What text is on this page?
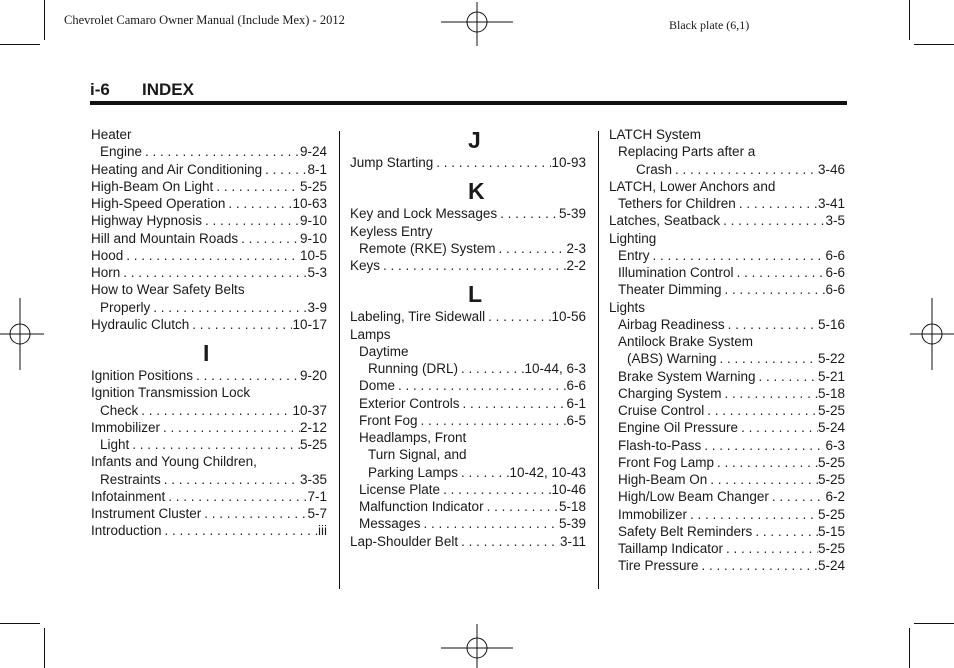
Chevrolet Camaro Owner Manual (Include Mex) - 2012	Black plate (6,1)
i-6 INDEX
Heater
Engine . . .	9-24
Heating and Air Conditioning . . .	8-1
High-Beam On Light . . .	5-25
High-Speed Operation . . .	10-63
Highway Hypnosis . . .	9-10
Hill and Mountain Roads . . .	9-10
Hood . . .	10-5
Horn . . .	5-3
How to Wear Safety Belts
Properly . . .	3-9
Hydraulic Clutch . . .	10-17
I
Ignition Positions . . .	9-20
Ignition Transmission Lock
Check . . .	10-37
Immobilizer . . .	2-12
Light . . .	5-25
Infants and Young Children,
Restraints . . .	3-35
Infotainment . . .	7-1
Instrument Cluster . . .	5-7
Introduction . . .	iii
J
Jump Starting . . .	10-93
K
Key and Lock Messages . . .	5-39
Keyless Entry
Remote (RKE) System . . .	2-3
Keys . . .	2-2
L
Labeling, Tire Sidewall . . .	10-56
Lamps
Daytime
Running (DRL) . . .	10-44, 6-3
Dome . . .	6-6
Exterior Controls . . .	6-1
Front Fog . . .	6-5
Headlamps, Front
Turn Signal, and
Parking Lamps . . .	10-42, 10-43
License Plate . . .	10-46
Malfunction Indicator . . .	5-18
Messages . . .	5-39
Lap-Shoulder Belt . . .	3-11
LATCH System
Replacing Parts after a
Crash . . .	3-46
LATCH, Lower Anchors and
Tethers for Children . . .	3-41
Latches, Seatback . . .	3-5
Lighting
Entry . . .	6-6
Illumination Control . . .	6-6
Theater Dimming . . .	6-6
Lights
Airbag Readiness . . .	5-16
Antilock Brake System
(ABS) Warning . . .	5-22
Brake System Warning . . .	5-21
Charging System . . .	5-18
Cruise Control . . .	5-25
Engine Oil Pressure . . .	5-24
Flash-to-Pass . . .	6-3
Front Fog Lamp . . .	5-25
High-Beam On . . .	5-25
High/Low Beam Changer . . .	6-2
Immobilizer . . .	5-25
Safety Belt Reminders . . .	5-15
Taillamp Indicator . . .	5-25
Tire Pressure . . .	5-24
